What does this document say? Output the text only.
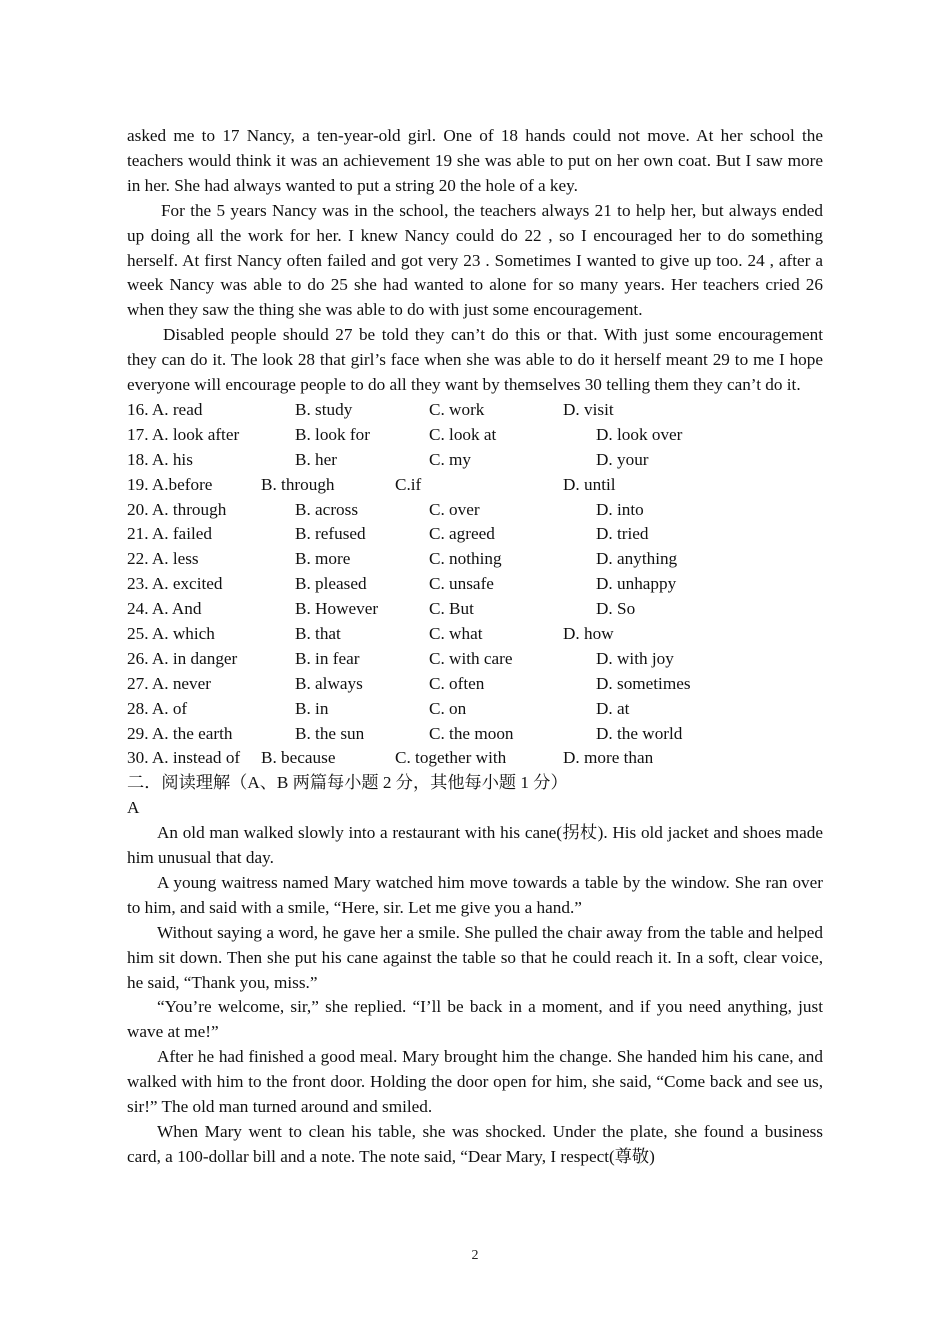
asked me to 17 Nancy, a ten-year-old girl. One of 18 hands could not move. At her school the teachers would think it was an achievement 19 she was able to put on her own coat. But I saw more in her. She had always wanted to put a string 20 the hole of a key.

For the 5 years Nancy was in the school, the teachers always 21 to help her, but always ended up doing all the work for her. I knew Nancy could do 22 , so I encouraged her to do something herself. At first Nancy often failed and got very 23 . Sometimes I wanted to give up too. 24 , after a week Nancy was able to do 25 she had wanted to alone for so many years. Her teachers cried 26 when they saw the thing she was able to do with just some encouragement.

Disabled people should 27 be told they can’t do this or that. With just some encouragement they can do it. The look 28 that girl’s face when she was able to do it herself meant 29 to me I hope everyone will encourage people to do all they want by themselves 30 telling them they can’t do it.

16. A. read	B. study	C. work	D. visit
17. A. look after	B. look for	C. look at	D. look over
18. A. his	B. her	C. my	D. your
19. A.before	B. through	C.if	D. until
20. A. through	B. across	C. over	D. into
21. A. failed	B. refused	C. agreed	D. tried
22. A. less	B. more	C. nothing	D. anything
23. A. excited	B. pleased	C. unsafe	D. unhappy
24. A. And	B. However	C. But	D. So
25. A. which	B. that	C. what	D. how
26. A. in danger	B. in fear	C. with care	D. with joy
27. A. never	B. always	C. often	D. sometimes
28. A. of	B. in	C. on	D. at
29. A. the earth	B. the sun	C. the moon	D. the world
30. A. instead of B. because	C. together with	D. more than

二．阅读理解（A、B 两篇每小题 2 分，其他每小题 1 分）

A

An old man walked slowly into a restaurant with his cane(拐杖). His old jacket and shoes made him unusual that day.

A young waitress named Mary watched him move towards a table by the window. She ran over to him, and said with a smile, “Here, sir. Let me give you a hand.”

Without saying a word, he gave her a smile. She pulled the chair away from the table and helped him sit down. Then she put his cane against the table so that he could reach it. In a soft, clear voice, he said, “Thank you, miss.”

“You’re welcome, sir,” she replied. “I’ll be back in a moment, and if you need anything, just wave at me!”

After he had finished a good meal. Mary brought him the change. She handed him his cane, and walked with him to the front door. Holding the door open for him, she said, “Come back and see us, sir!” The old man turned around and smiled.

When Mary went to clean his table, she was shocked. Under the plate, she found a business card, a 100-dollar bill and a note. The note said, “Dear Mary, I respect(尊敬)

2
